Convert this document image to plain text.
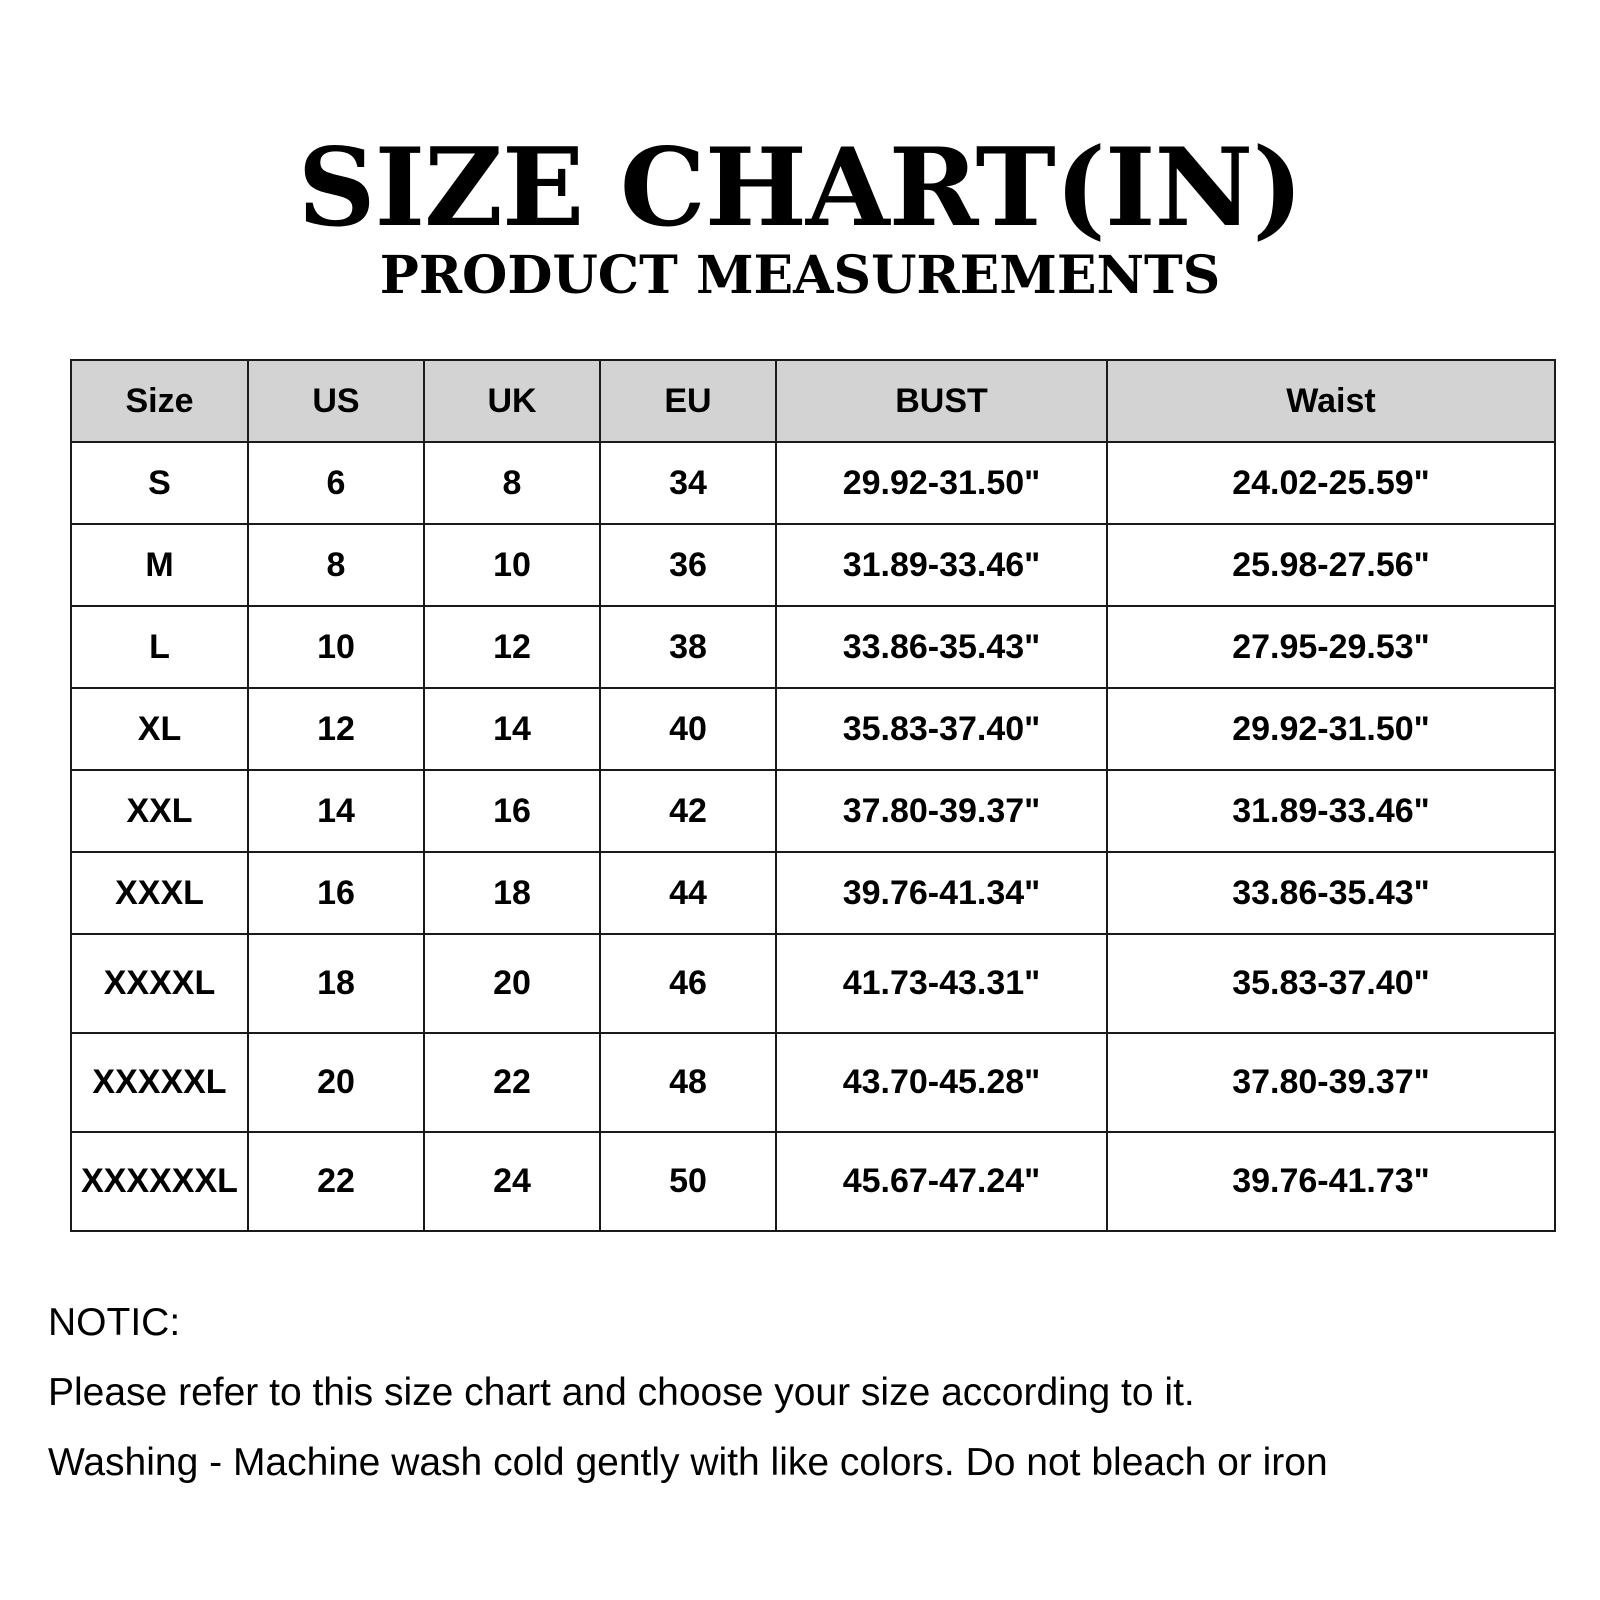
SIZE CHART(IN)
PRODUCT MEASUREMENTS
Size	US	UK	EU	BUST	Waist
S	6	8	34	29.92-31.50"	24.02-25.59"
M	8	10	36	31.89-33.46"	25.98-27.56"
L	10	12	38	33.86-35.43"	27.95-29.53"
XL	12	14	40	35.83-37.40"	29.92-31.50"
XXL	14	16	42	37.80-39.37"	31.89-33.46"
XXXL	16	18	44	39.76-41.34"	33.86-35.43"
XXXXL	18	20	46	41.73-43.31"	35.83-37.40"
XXXXXL	20	22	48	43.70-45.28"	37.80-39.37"
XXXXXXL	22	24	50	45.67-47.24"	39.76-41.73"

NOTIC:

Please refer to this size chart and choose your size according to it.

Washing - Machine wash cold gently with like colors. Do not bleach or iron
